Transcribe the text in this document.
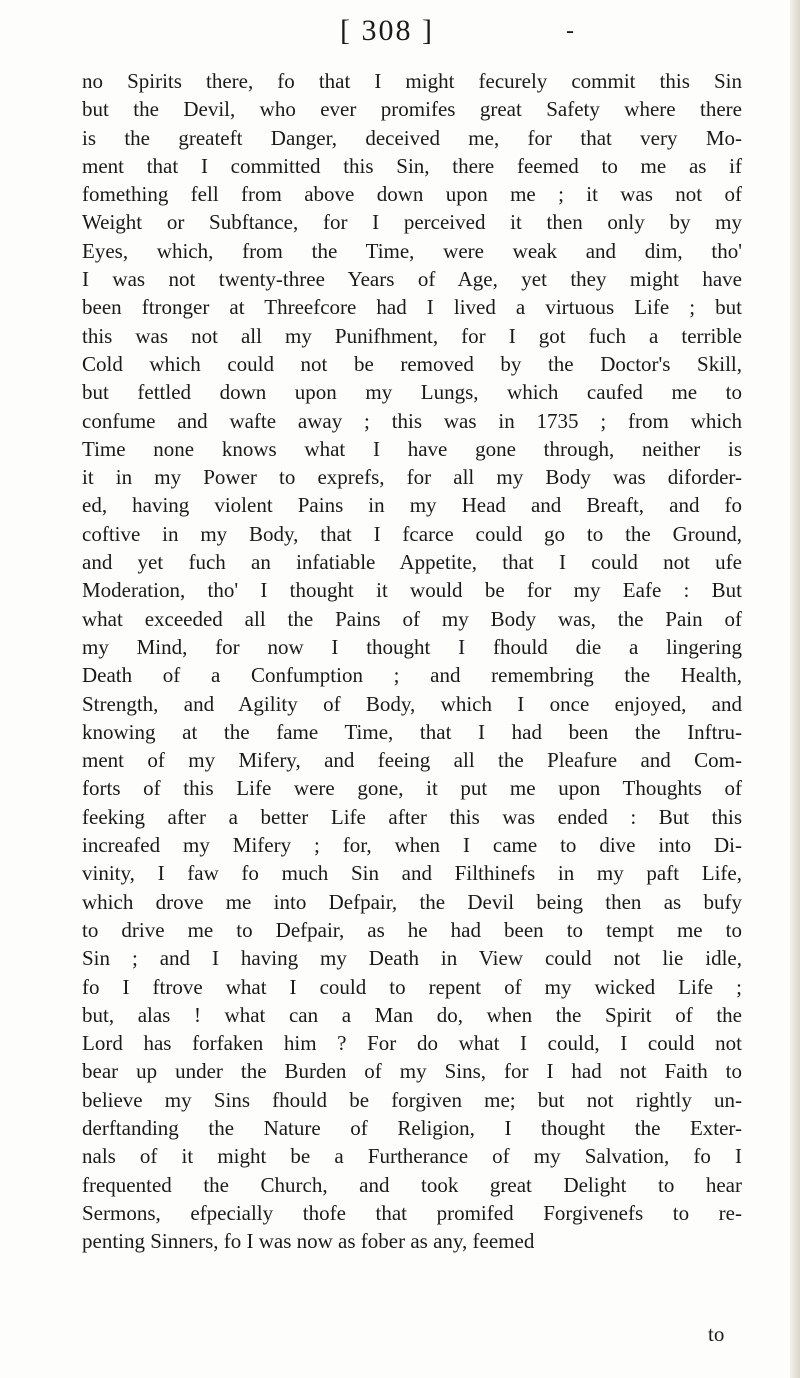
[ 308 ]	-
no Spirits there, fo that I might fecurely commit this Sin
but the Devil, who ever promifes great Safety where there
is the greateft Danger, deceived me, for that very Mo-
ment that I committed this Sin, there feemed to me as if
fomething fell from above down upon me ; it was not of
Weight or Subftance, for I perceived it then only by my
Eyes, which, from the Time, were weak and dim, tho'
I was not twenty-three Years of Age, yet they might have
been ftronger at Threefcore had I lived a virtuous Life ; but
this was not all my Punifhment, for I got fuch a terrible
Cold which could not be removed by the Doctor's Skill,
but fettled down upon my Lungs, which caufed me to
confume and wafte away ; this was in 1735 ; from which
Time none knows what I have gone through, neither is
it in my Power to exprefs, for all my Body was diforder-
ed, having violent Pains in my Head and Breaft, and fo
coftive in my Body, that I fcarce could go to the Ground,
and yet fuch an infatiable Appetite, that I could not ufe
Moderation, tho' I thought it would be for my Eafe : But
what exceeded all the Pains of my Body was, the Pain of
my Mind, for now I thought I fhould die a lingering
Death of a Confumption ; and remembring the Health,
Strength, and Agility of Body, which I once enjoyed, and
knowing at the fame Time, that I had been the Inftru-
ment of my Mifery, and feeing all the Pleafure and Com-
forts of this Life were gone, it put me upon Thoughts of
feeking after a better Life after this was ended : But this
increafed my Mifery ; for, when I came to dive into Di-
vinity, I faw fo much Sin and Filthinefs in my paft Life,
which drove me into Defpair, the Devil being then as bufy
to drive me to Defpair, as he had been to tempt me to
Sin ; and I having my Death in View could not lie idle,
fo I ftrove what I could to repent of my wicked Life ;
but, alas ! what can a Man do, when the Spirit of the
Lord has forfaken him ? For do what I could, I could not
bear up under the Burden of my Sins, for I had not Faith to
believe my Sins fhould be forgiven me; but not rightly un-
derftanding the Nature of Religion, I thought the Exter-
nals of it might be a Furtherance of my Salvation, fo I
frequented the Church, and took great Delight to hear
Sermons, efpecially thofe that promifed Forgivenefs to re-
penting Sinners, fo I was now as fober as any, feemed
to
